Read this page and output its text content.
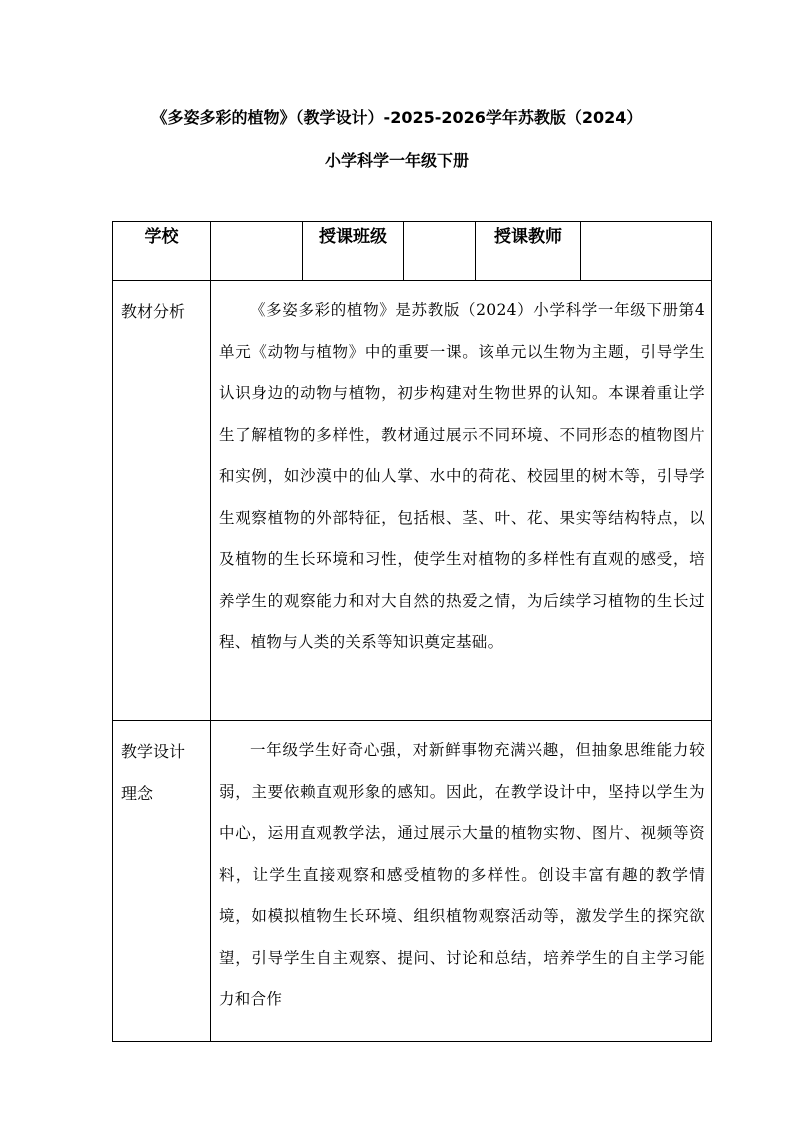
《多姿多彩的植物》（教学设计）-2025-2026学年苏教版（2024）
小学科学一年级下册
学校		授课班级		授课教师	

教材分析	《多姿多彩的植物》是苏教版（2024）小学科学一年级下册第4单元《动物与植物》中的重要一课。该单元以生物为主题，引导学生认识身边的动物与植物，初步构建对生物世界的认知。本课着重让学生了解植物的多样性，教材通过展示不同环境、不同形态的植物图片和实例，如沙漠中的仙人掌、水中的荷花、校园里的树木等，引导学生观察植物的外部特征，包括根、茎、叶、花、果实等结构特点，以及植物的生长环境和习性，使学生对植物的多样性有直观的感受，培养学生的观察能力和对大自然的热爱之情，为后续学习植物的生长过程、植物与人类的关系等知识奠定基础。				

教学设计
理念	一年级学生好奇心强，对新鲜事物充满兴趣，但抽象思维能力较弱，主要依赖直观形象的感知。因此，在教学设计中，坚持以学生为中心，运用直观教学法，通过展示大量的植物实物、图片、视频等资料，让学生直接观察和感受植物的多样性。创设丰富有趣的教学情境，如模拟植物生长环境、组织植物观察活动等，激发学生的探究欲望，引导学生自主观察、提问、讨论和总结，培养学生的自主学习能力和合作				
